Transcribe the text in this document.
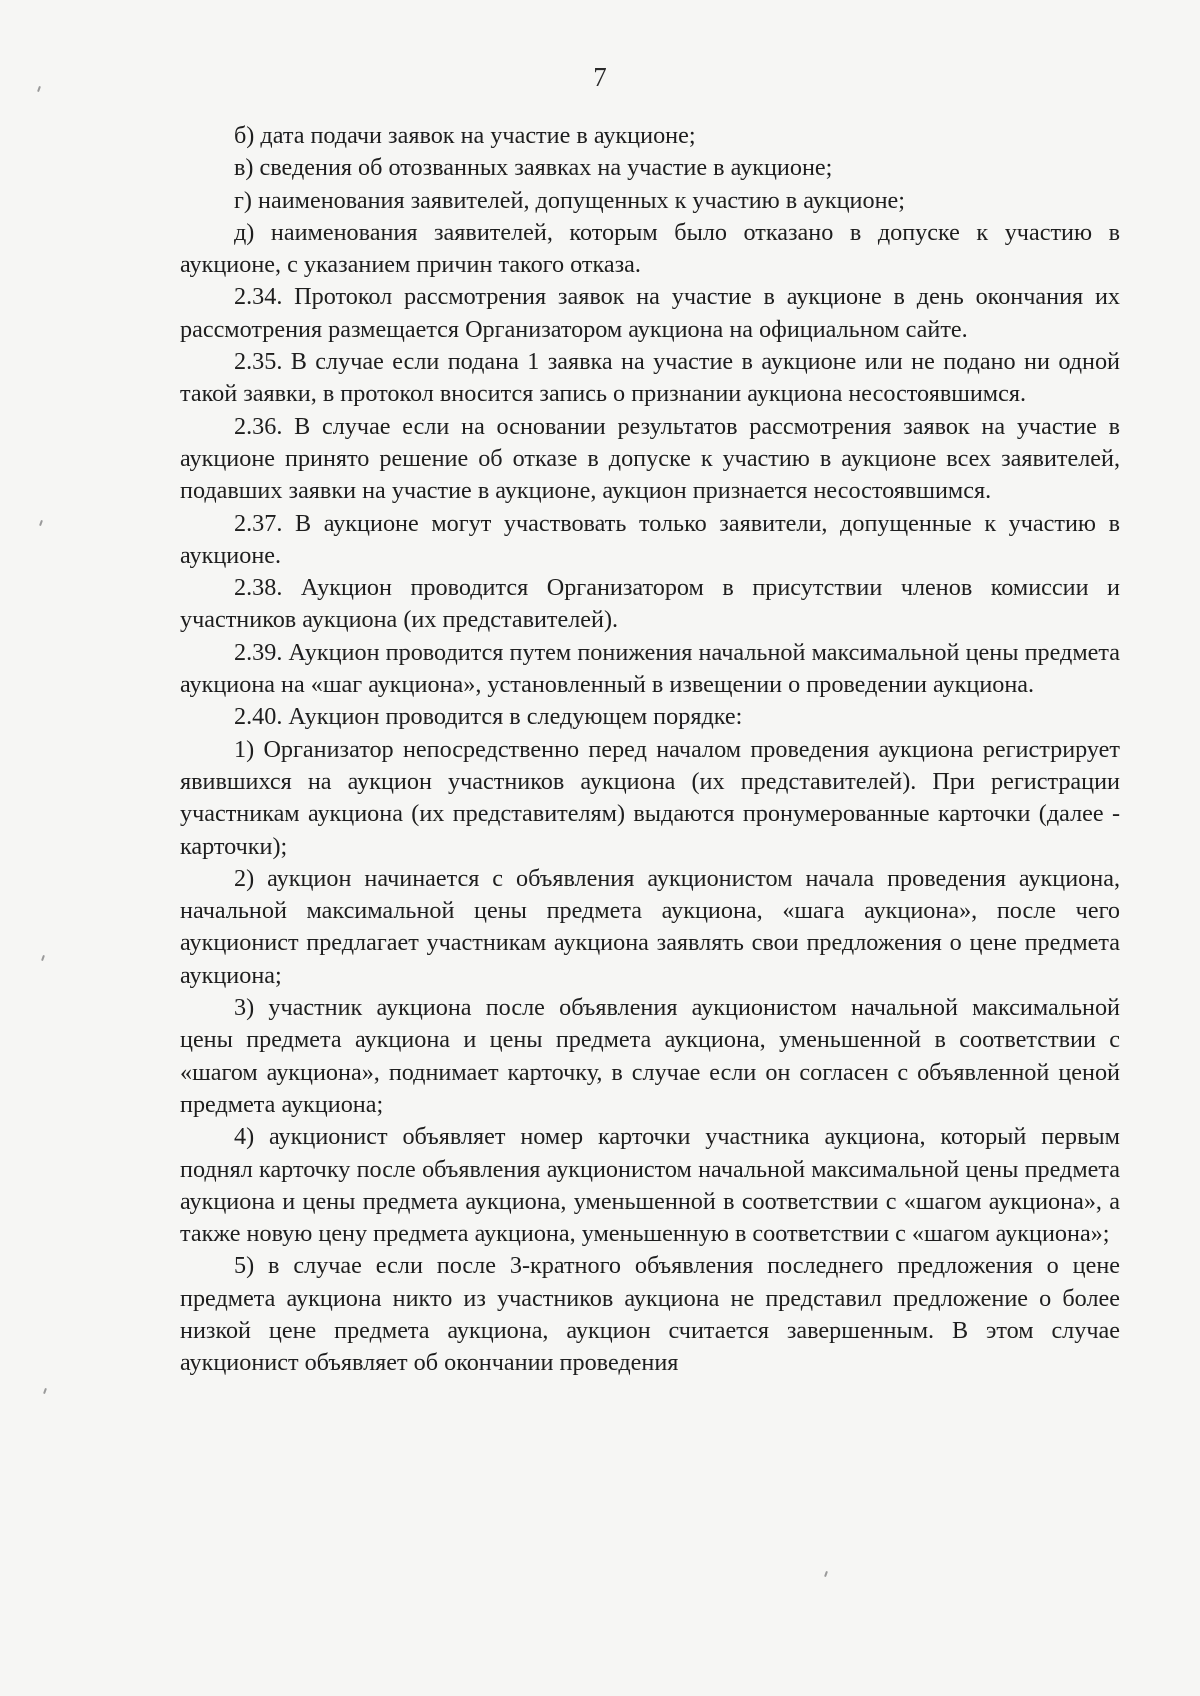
7

б) дата подачи заявок на участие в аукционе;

в) сведения об отозванных заявках на участие в аукционе;

г) наименования заявителей, допущенных к участию в аукционе;

д) наименования заявителей, которым было отказано в допуске к участию в аукционе, с указанием причин такого отказа.

2.34. Протокол рассмотрения заявок на участие в аукционе в день окончания их рассмотрения размещается Организатором аукциона на официальном сайте.

2.35. В случае если подана 1 заявка на участие в аукционе или не подано ни одной такой заявки, в протокол вносится запись о признании аукциона несостоявшимся.

2.36. В случае если на основании результатов рассмотрения заявок на участие в аукционе принято решение об отказе в допуске к участию в аукционе всех заявителей, подавших заявки на участие в аукционе, аукцион признается несостоявшимся.

2.37. В аукционе могут участвовать только заявители, допущенные к участию в аукционе.

2.38. Аукцион проводится Организатором в присутствии членов комиссии и участников аукциона (их представителей).

2.39. Аукцион проводится путем понижения начальной максимальной цены предмета аукциона на «шаг аукциона», установленный в извещении о проведении аукциона.

2.40. Аукцион проводится в следующем порядке:

1) Организатор непосредственно перед началом проведения аукциона регистрирует явившихся на аукцион участников аукциона (их представителей). При регистрации участникам аукциона (их представителям) выдаются пронумерованные карточки (далее - карточки);

2) аукцион начинается с объявления аукционистом начала проведения аукциона, начальной максимальной цены предмета аукциона, «шага аукциона», после чего аукционист предлагает участникам аукциона заявлять свои предложения о цене предмета аукциона;

3) участник аукциона после объявления аукционистом начальной максимальной цены предмета аукциона и цены предмета аукциона, уменьшенной в соответствии с «шагом аукциона», поднимает карточку, в случае если он согласен с объявленной ценой предмета аукциона;

4) аукционист объявляет номер карточки участника аукциона, который первым поднял карточку после объявления аукционистом начальной максимальной цены предмета аукциона и цены предмета аукциона, уменьшенной в соответствии с «шагом аукциона», а также новую цену предмета аукциона, уменьшенную в соответствии с «шагом аукциона»;

5) в случае если после 3-кратного объявления последнего предложения о цене предмета аукциона никто из участников аукциона не представил предложение о более низкой цене предмета аукциона, аукцион считается завершенным. В этом случае аукционист объявляет об окончании проведения
